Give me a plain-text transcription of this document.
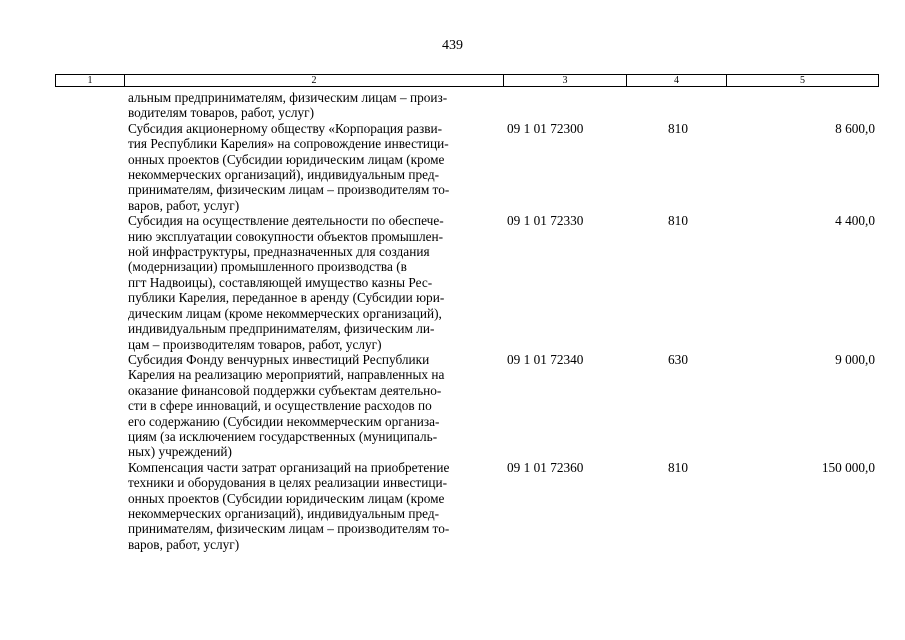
439
1	2	3	4	5
альным предпринимателям, физическим лицам – произ-
водителям товаров, работ, услуг)
Субсидия акционерному обществу «Корпорация разви-
тия Республики Карелия» на сопровождение инвестици-
онных проектов (Субсидии юридическим лицам (кроме
некоммерческих организаций), индивидуальным пред-
принимателям, физическим лицам – производителям то-
варов, работ, услуг)
09 1 01 72300	810	8 600,0
Субсидия на осуществление деятельности по обеспече-
нию эксплуатации совокупности объектов промышлен-
ной инфраструктуры, предназначенных для создания
(модернизации) промышленного производства (в
пгт Надвоицы), составляющей имущество казны Рес-
публики Карелия, переданное в аренду (Субсидии юри-
дическим лицам (кроме некоммерческих организаций),
индивидуальным предпринимателям, физическим ли-
цам – производителям товаров, работ, услуг)
09 1 01 72330	810	4 400,0
Субсидия Фонду венчурных инвестиций Республики
Карелия на реализацию мероприятий, направленных на
оказание финансовой поддержки субъектам деятельно-
сти в сфере инноваций, и осуществление расходов по
его содержанию (Субсидии некоммерческим организа-
циям (за исключением государственных (муниципаль-
ных) учреждений)
09 1 01 72340	630	9 000,0
Компенсация части затрат организаций на приобретение
техники и оборудования в целях реализации инвестици-
онных проектов (Субсидии юридическим лицам (кроме
некоммерческих организаций), индивидуальным пред-
принимателям, физическим лицам – производителям то-
варов, работ, услуг)
09 1 01 72360	810	150 000,0
